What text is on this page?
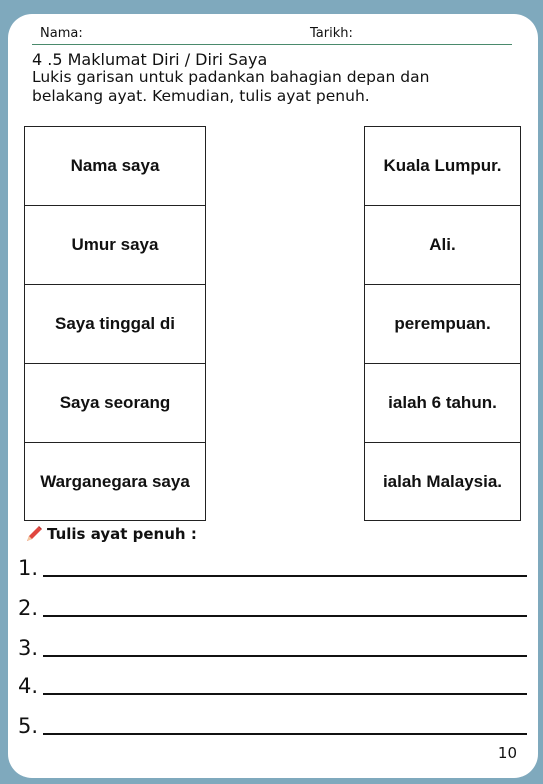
Nama:	Tarikh:
4 .5 Maklumat Diri / Diri Saya
Lukis garisan untuk padankan bahagian depan dan belakang ayat. Kemudian, tulis ayat penuh.
Nama saya
Umur saya
Saya tinggal di
Saya seorang
Warganegara saya
Kuala Lumpur.
Ali.
perempuan.
ialah 6 tahun.
ialah Malaysia.
Tulis ayat penuh :
1.
2.
3.
4.
5.
10
